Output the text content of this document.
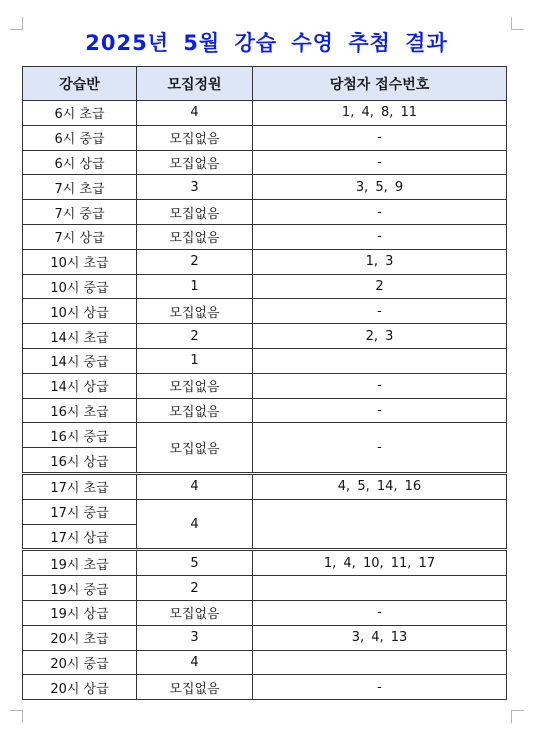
2025년 5월 강습 수영 추첨 결과
강습반	모집정원	당첨자 접수번호
6시 초급	4	1, 4, 8, 11
6시 중급	모집없음	-
6시 상급	모집없음	-
7시 초급	3	3, 5, 9
7시 중급	모집없음	-
7시 상급	모집없음	-
10시 초급	2	1, 3
10시 중급	1	2
10시 상급	모집없음	-
14시 초급	2	2, 3
14시 중급	1	
14시 상급	모집없음	-
16시 초급	모집없음	-
16시 중급	모집없음	-
16시 상급		
17시 초급	4	4, 5, 14, 16
17시 중급	4	
17시 상급		
19시 초급	5	1, 4, 10, 11, 17
19시 중급	2	
19시 상급	모집없음	-
20시 초급	3	3, 4, 13
20시 중급	4	
20시 상급	모집없음	-
